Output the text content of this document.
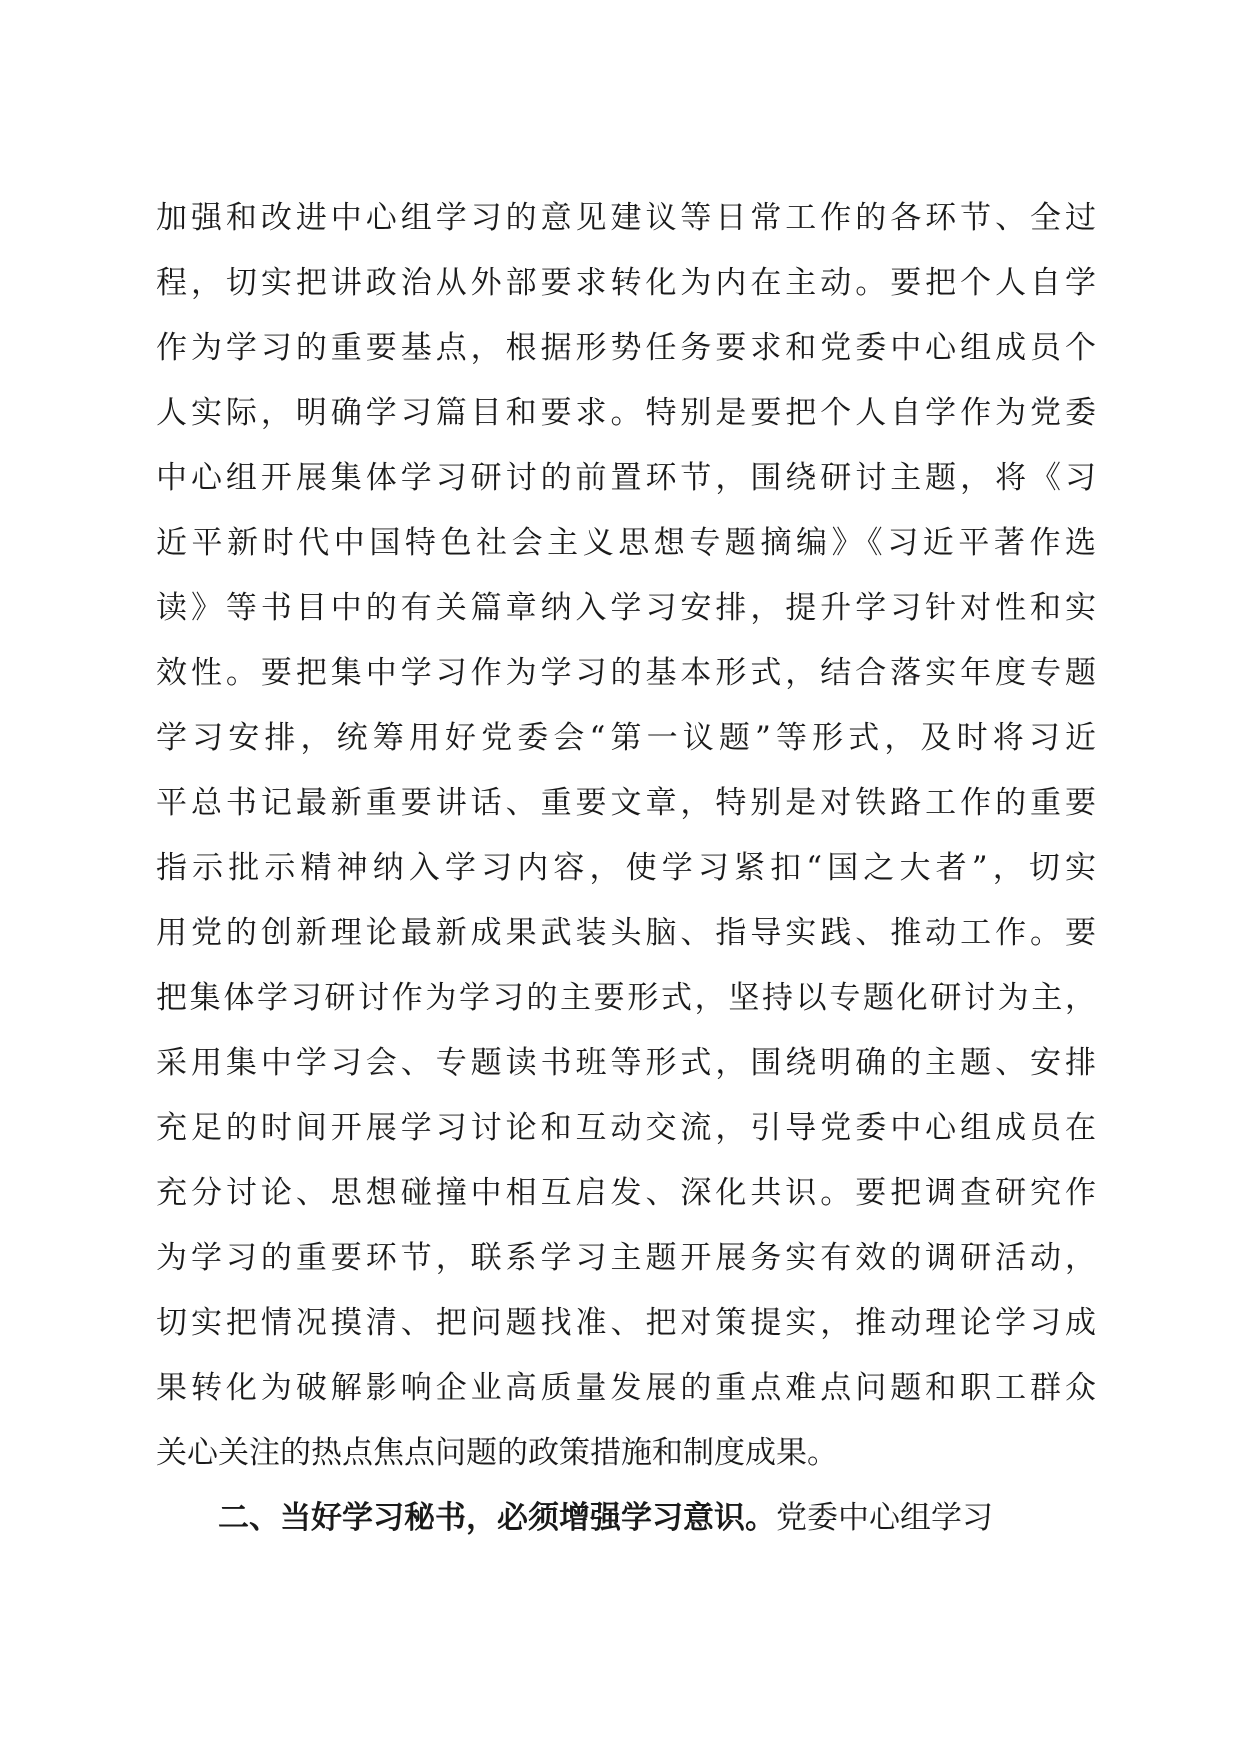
加强和改进中心组学习的意见建议等日常工作的各环节、全过
程，切实把讲政治从外部要求转化为内在主动。要把个人自学
作为学习的重要基点，根据形势任务要求和党委中心组成员个
人实际，明确学习篇目和要求。特别是要把个人自学作为党委
中心组开展集体学习研讨的前置环节，围绕研讨主题，将《习
近平新时代中国特色社会主义思想专题摘编》《习近平著作选
读》等书目中的有关篇章纳入学习安排，提升学习针对性和实
效性。要把集中学习作为学习的基本形式，结合落实年度专题
学习安排，统筹用好党委会“第一议题”等形式，及时将习近
平总书记最新重要讲话、重要文章，特别是对铁路工作的重要
指示批示精神纳入学习内容，使学习紧扣“国之大者”，切实
用党的创新理论最新成果武装头脑、指导实践、推动工作。要
把集体学习研讨作为学习的主要形式，坚持以专题化研讨为主，
采用集中学习会、专题读书班等形式，围绕明确的主题、安排
充足的时间开展学习讨论和互动交流，引导党委中心组成员在
充分讨论、思想碰撞中相互启发、深化共识。要把调查研究作
为学习的重要环节，联系学习主题开展务实有效的调研活动，
切实把情况摸清、把问题找准、把对策提实，推动理论学习成
果转化为破解影响企业高质量发展的重点难点问题和职工群众
关心关注的热点焦点问题的政策措施和制度成果。
二、当好学习秘书，必须增强学习意识。党委中心组学习
